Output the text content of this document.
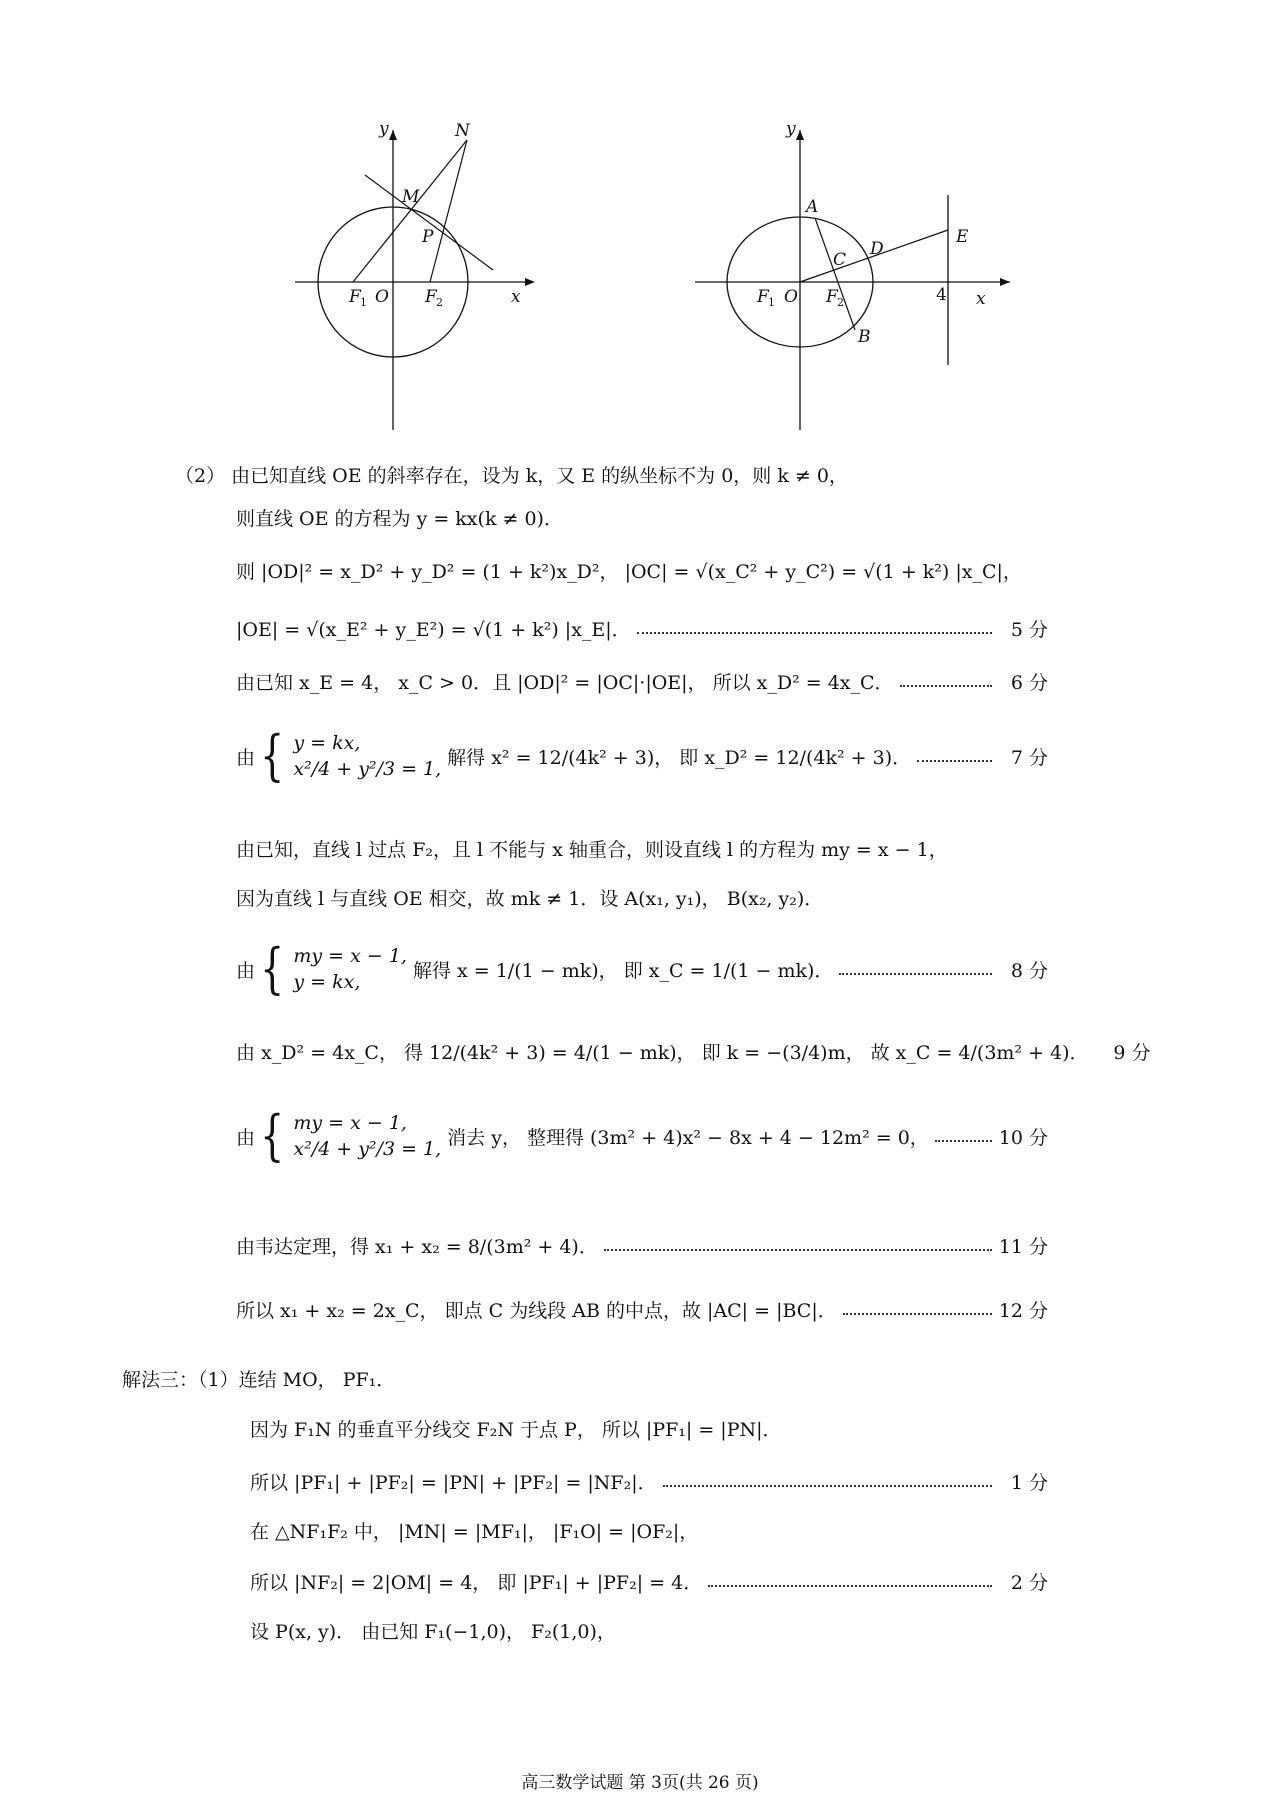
y	N
M
P
F 1 O F 2	x
y
A
E
D
C
F 1 O F 2	4 x
B
（2） 由已知直线 OE 的斜率存在，设为 k，又 E 的纵坐标不为 0，则 k ≠ 0，
则直线 OE 的方程为 y = kx(k ≠ 0)．
则 |OD|² = x_D² + y_D² = (1 + k²)x_D²， |OC| = √(x_C² + y_C²) = √(1 + k²) |x_C|，
|OE| = √(x_E² + y_E²) = √(1 + k²) |x_E|．	5 分
由已知 x_E = 4， x_C > 0．且 |OD|² = |OC|·|OE|， 所以 x_D² = 4x_C．	6 分
由 { y = kx,
x²/4 + y²/3 = 1,
解得 x² = 12/(4k² + 3)， 即 x_D² = 12/(4k² + 3)．	7 分
由已知，直线 l 过点 F₂，且 l 不能与 x 轴重合，则设直线 l 的方程为 my = x − 1，
因为直线 l 与直线 OE 相交，故 mk ≠ 1．设 A(x₁, y₁)， B(x₂, y₂)．
由 { my = x − 1,
y = kx,
解得 x = 1/(1 − mk)， 即 x_C = 1/(1 − mk)．	8 分
由 x_D² = 4x_C， 得 12/(4k² + 3) = 4/(1 − mk)， 即 k = −(3/4)m， 故 x_C = 4/(3m² + 4)．	9 分
由 { my = x − 1,
x²/4 + y²/3 = 1,
消去 y， 整理得 (3m² + 4)x² − 8x + 4 − 12m² = 0，	10 分
由韦达定理，得 x₁ + x₂ = 8/(3m² + 4)．	11 分
所以 x₁ + x₂ = 2x_C， 即点 C 为线段 AB 的中点，故 |AC| = |BC|．	12 分
解法三：（1）连结 MO， PF₁．
因为 F₁N 的垂直平分线交 F₂N 于点 P， 所以 |PF₁| = |PN|．
所以 |PF₁| + |PF₂| = |PN| + |PF₂| = |NF₂|．	1 分
在 △NF₁F₂ 中， |MN| = |MF₁|， |F₁O| = |OF₂|，
所以 |NF₂| = 2|OM| = 4， 即 |PF₁| + |PF₂| = 4．	2 分
设 P(x, y)． 由已知 F₁(−1,0)， F₂(1,0)，
高三数学试题 第 3页(共 26 页)
